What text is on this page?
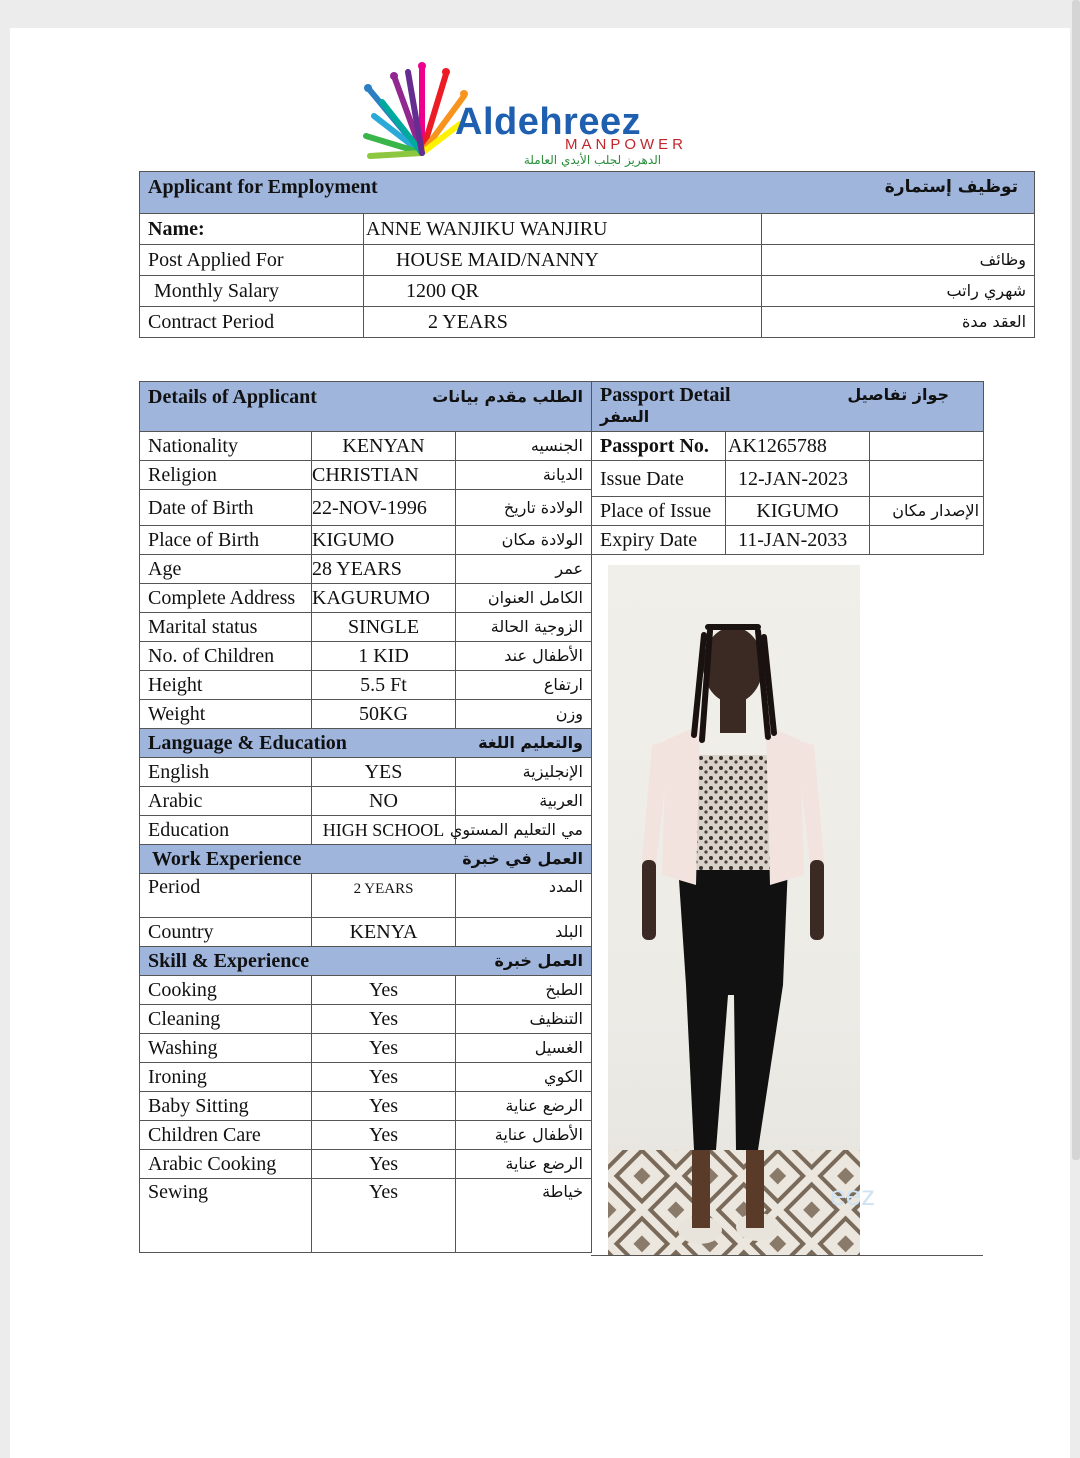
Aldehreez
MANPOWER
الدهريز لجلب الأيدي العاملة
Applicant for Employment		توظيف إستمارة
Name:	ANNE WANJIKU WANJIRU	
Post Applied For	HOUSE MAID/NANNY	وظائف
Monthly Salary	1200 QR	شهري راتب
Contract Period	2 YEARS	العقد مدة
Details of Applicant		الطلب مقدم بيانات
Nationality	KENYAN	الجنسيه
Religion	CHRISTIAN	الديانة
Date of Birth	22-NOV-1996	الولادة تاريخ
Place of Birth	KIGUMO	الولادة مكان
Age	28 YEARS	عمر
Complete Address	KAGURUMO	الكامل العنوان
Marital status	SINGLE	الزوجية الحالة
No. of Children	1 KID	الأطفال عند
Height	5.5 Ft	ارتفاع
Weight	50KG	وزن
Language & Education		والتعليم اللغة
English	YES	الإنجليزية
Arabic	NO	العربية
Education	HIGH SCHOOL	مي التعليم المستوي
Work Experience		العمل في خبرة
Period	2 YEARS	المدد
Country	KENYA	البلد
Skill & Experience		العمل خبرة
Cooking	Yes	الطبخ
Cleaning	Yes	التنظيف
Washing	Yes	الغسيل
Ironing	Yes	الكوي
Baby Sitting	Yes	الرضع عناية
Children Care	Yes	الأطفال عناية
Arabic Cooking	Yes	الرضع عناية
Sewing	Yes	خياطة
Passport Detail جواز تفاصيل
السفر		

Passport No.	AK1265788	
Issue Date	12-JAN-2023	
Place of Issue	KIGUMO	الإصدار مكان
Expiry Date	11-JAN-2033	
eez
